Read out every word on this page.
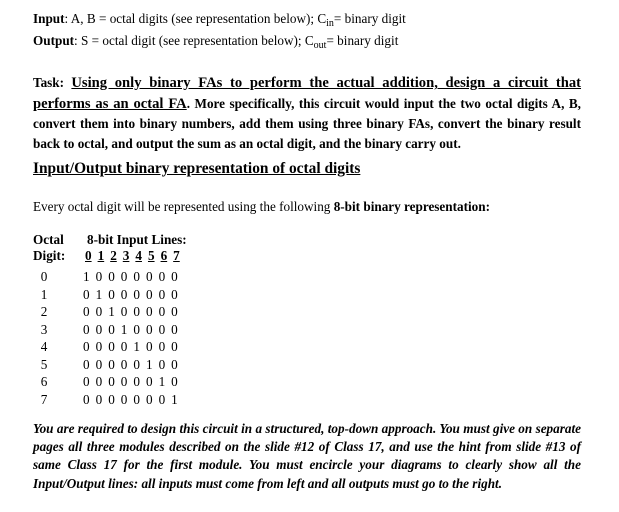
Input: A, B = octal digits (see representation below); $C_{in}=$ binary digit
Output: S = octal digit (see representation below); $C_{out}=$ binary digit
Task: Using only binary FAs to perform the actual addition, design a circuit that performs as an octal FA. More specifically, this circuit would input the two octal digits A, B, convert them into binary numbers, add them using three binary FAs, convert the binary result back to octal, and output the sum as an octal digit, and the binary carry out.
Input/Output binary representation of octal digits
Every octal digit will be represented using the following 8-bit binary representation:
Octal
Digit:
8-bit Input Lines:
0 1 2 3 4 5 6 7
0
1
2
3
4
5
6
7
1 0 0 0 0 0 0 0
0 1 0 0 0 0 0 0
0 0 1 0 0 0 0 0
0 0 0 1 0 0 0 0
0 0 0 0 1 0 0 0
0 0 0 0 0 1 0 0
0 0 0 0 0 0 1 0
0 0 0 0 0 0 0 1
You are required to design this circuit in a structured, top-down approach. You must give on separate pages all three modules described on the slide #12 of Class 17, and use the hint from slide #13 of same Class 17 for the first module. You must encircle your diagrams to clearly show all the Input/Output lines: all inputs must come from left and all outputs must go to the right.
